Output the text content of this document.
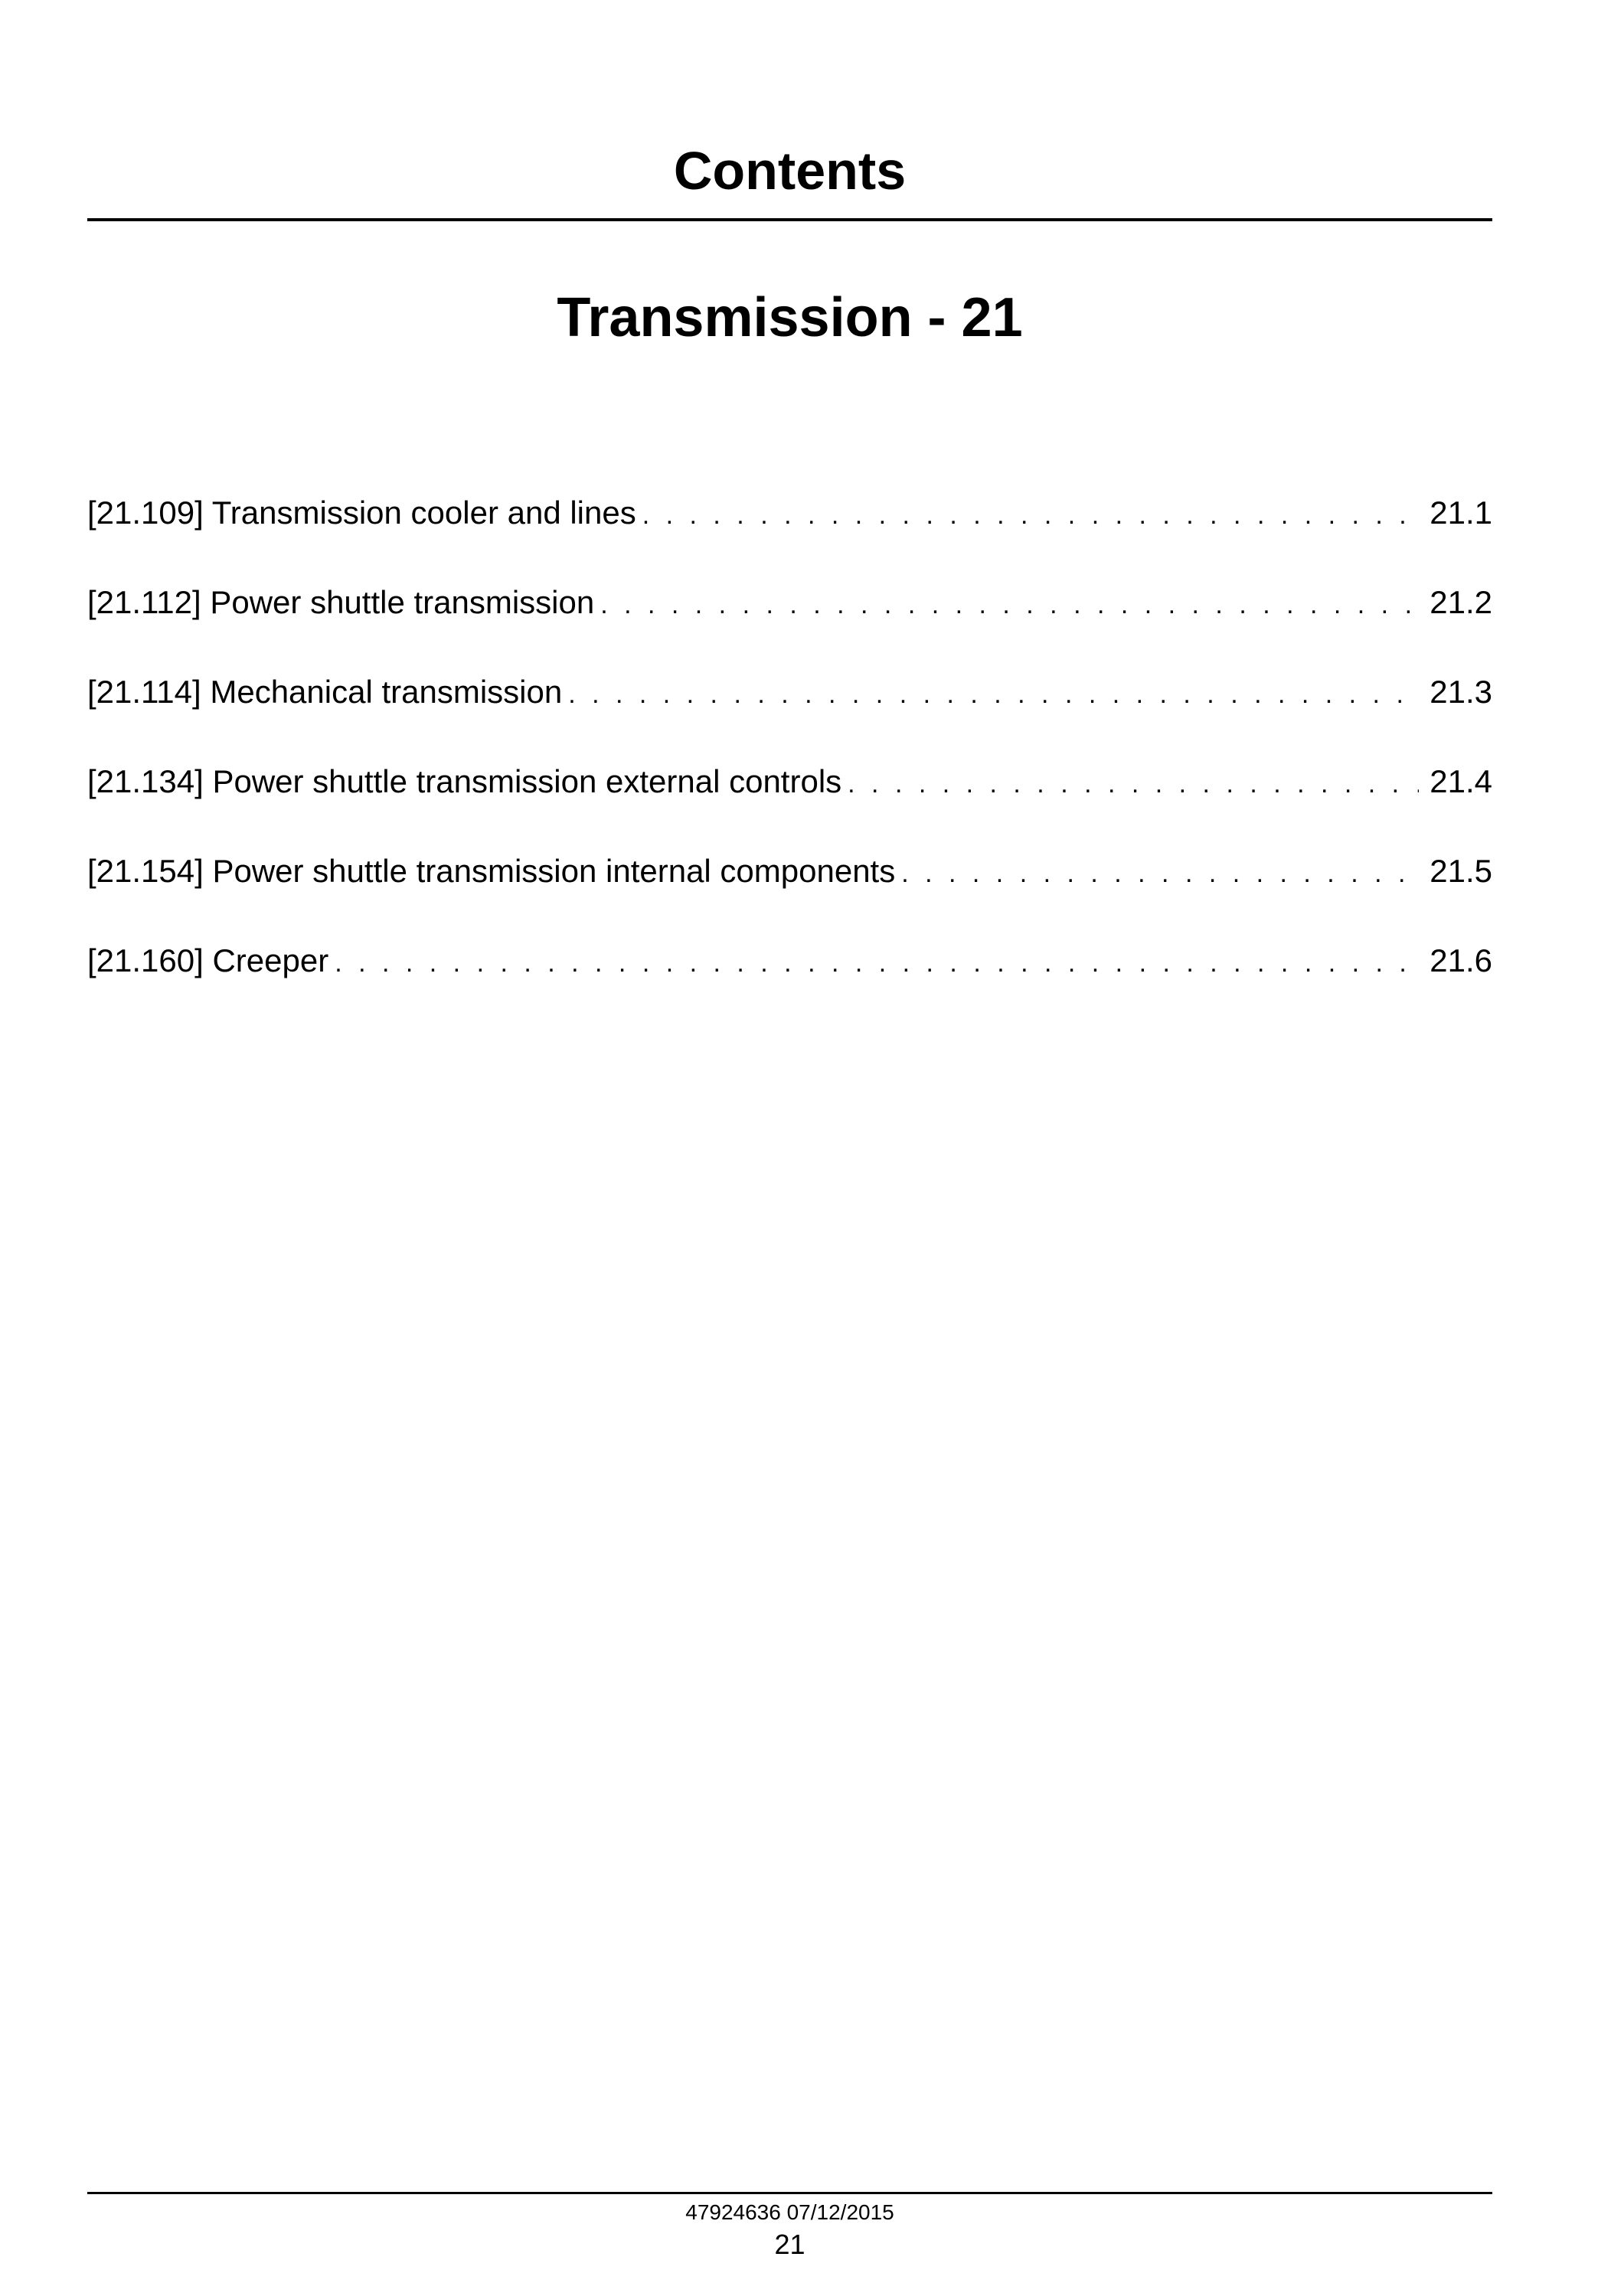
Contents
Transmission - 21
[21.109] Transmission cooler and lines . . .	21.1
[21.112] Power shuttle transmission . . .	21.2
[21.114] Mechanical transmission . . .	21.3
[21.134] Power shuttle transmission external controls . . .	21.4
[21.154] Power shuttle transmission internal components . . .	21.5
[21.160] Creeper . . .	21.6
47924636 07/12/2015
21
